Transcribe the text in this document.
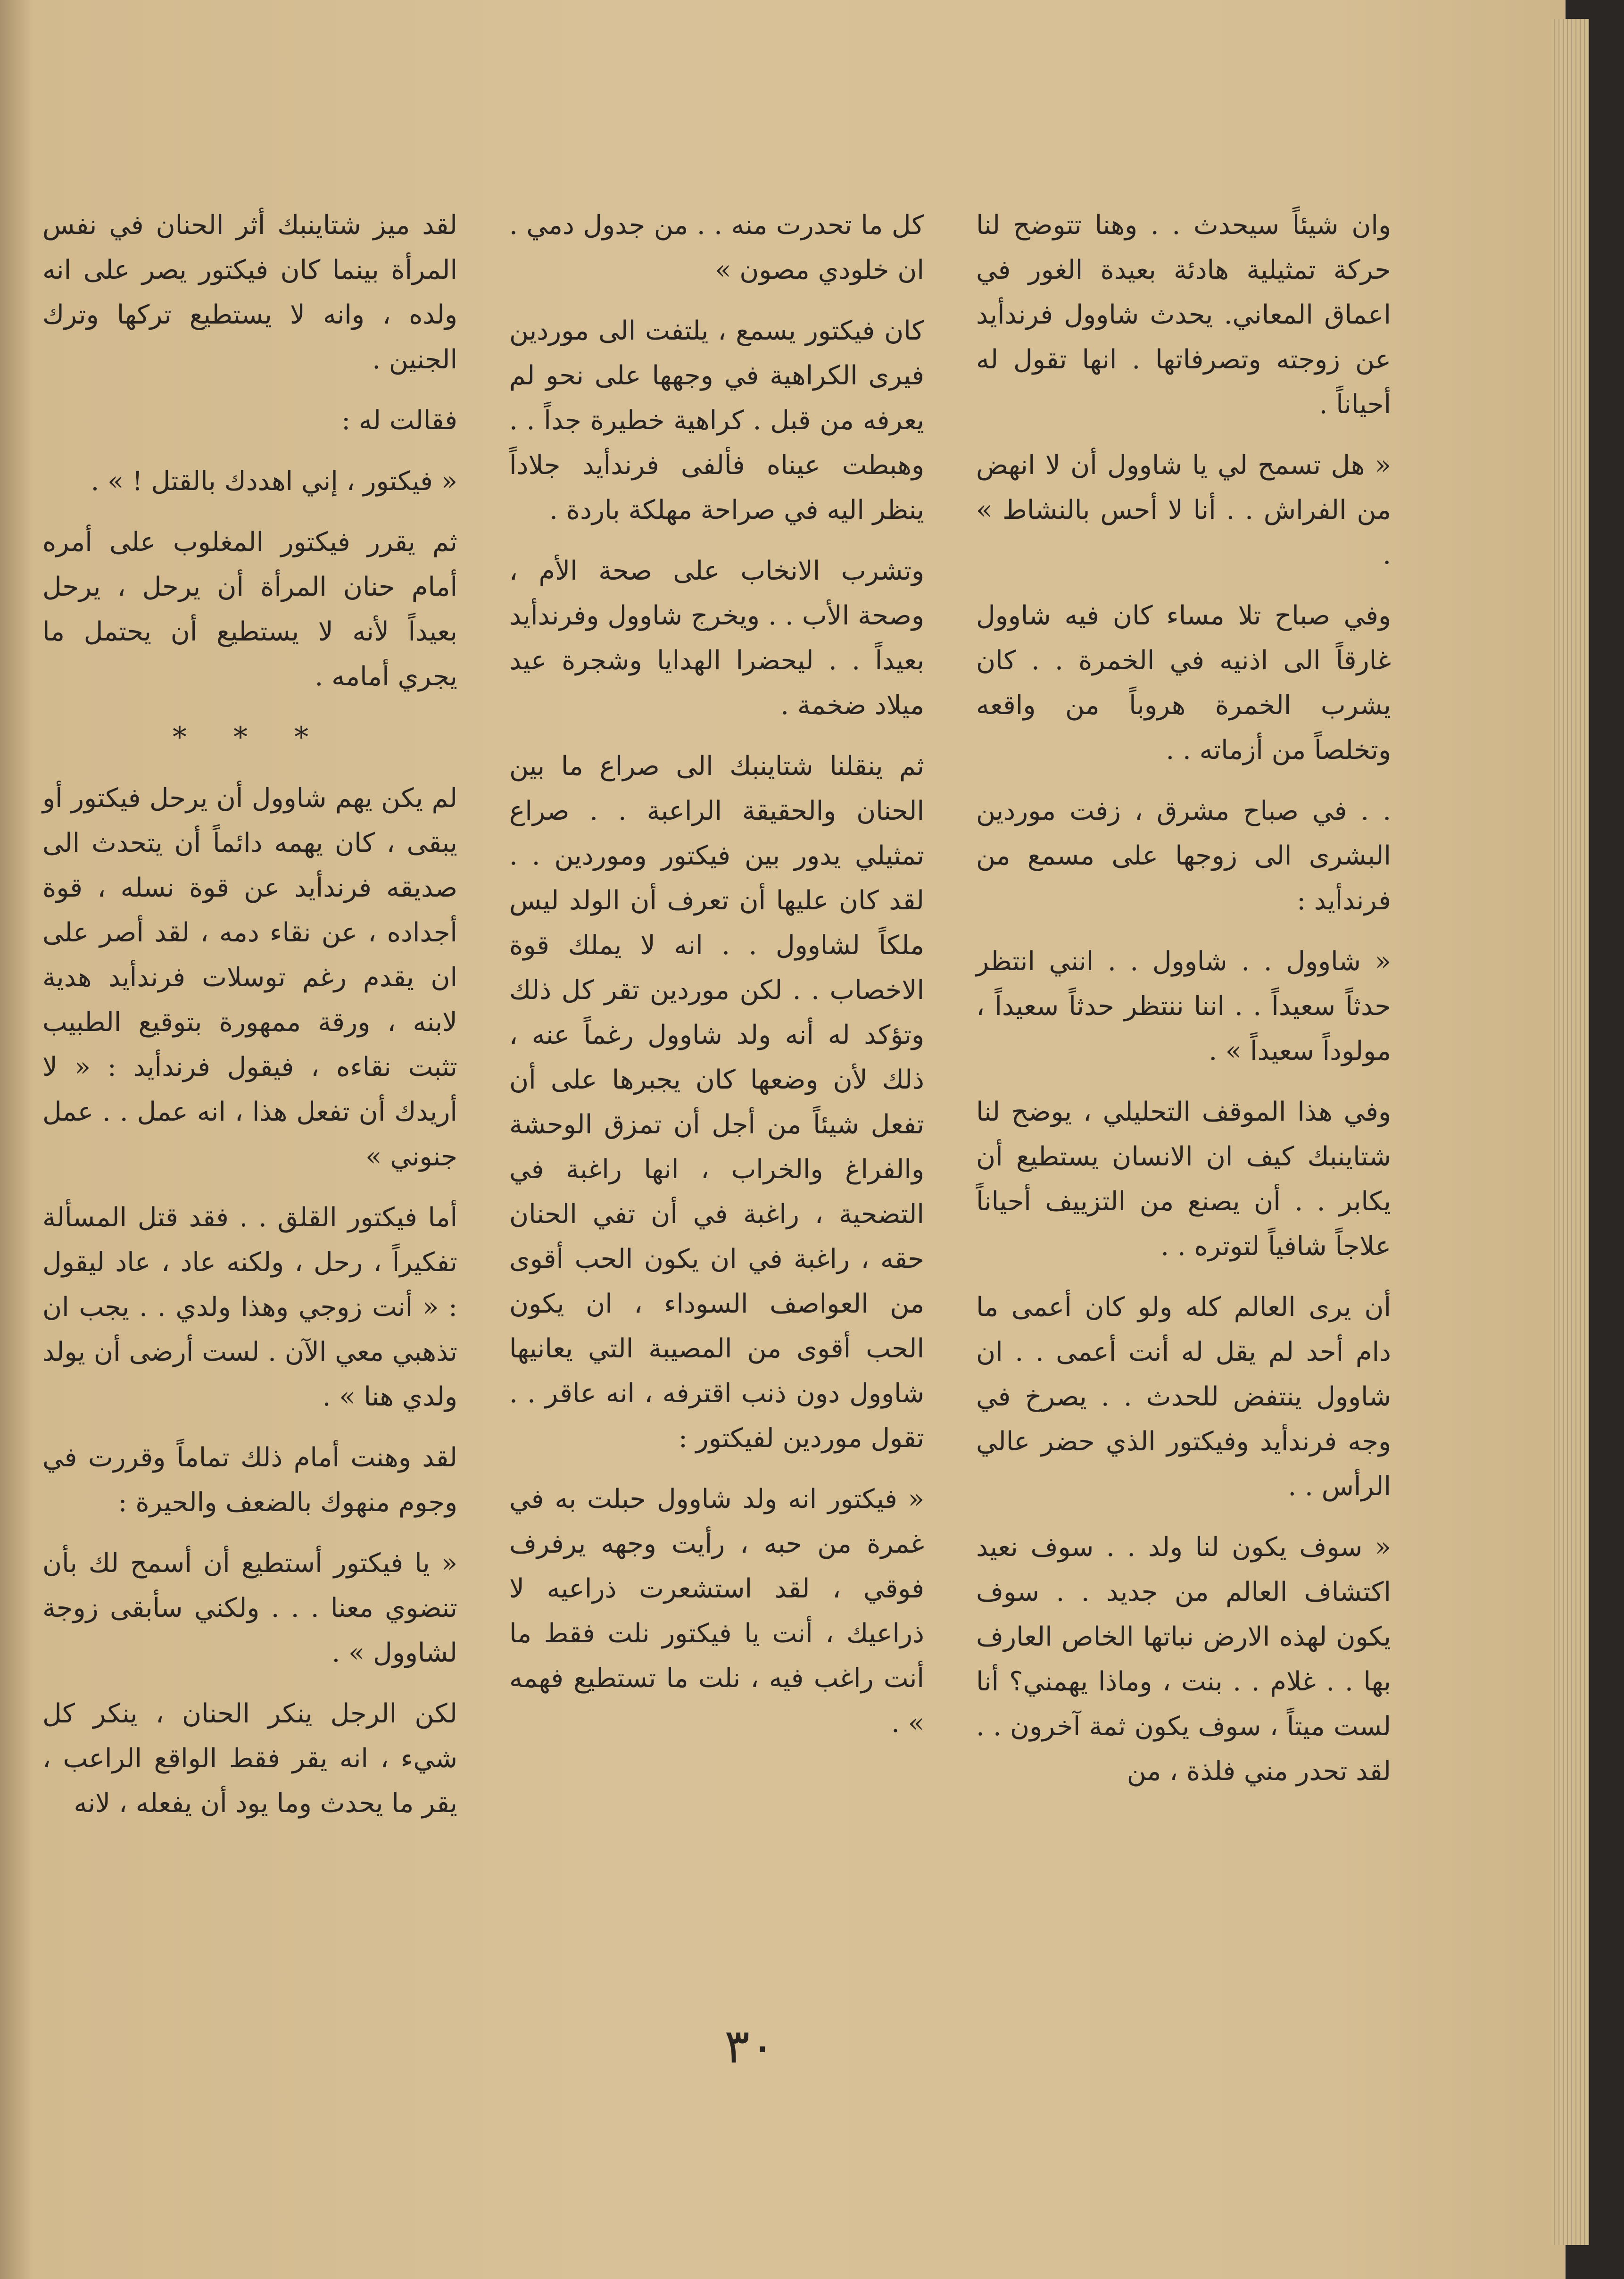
وان شيئاً سيحدث . . وهنا تتوضح لنا حركة تمثيلية هادئة بعيدة الغور في اعماق المعاني. يحدث شاوول فرندأيد عن زوجته وتصرفاتها . انها تقول له أحياناً .

« هل تسمح لي يا شاوول أن لا انهض من الفراش . . أنا لا أحس بالنشاط » .

وفي صباح تلا مساء كان فيه شاوول غارقاً الى اذنيه في الخمرة . . كان يشرب الخمرة هروباً من واقعه وتخلصاً من أزماته . .

. . في صباح مشرق ، زفت موردين البشرى الى زوجها على مسمع من فرندأيد :

« شاوول . . شاوول . . انني انتظر حدثاً سعيداً . . اننا ننتظر حدثاً سعيداً ، مولوداً سعيداً » .

وفي هذا الموقف التحليلي ، يوضح لنا شتاينبك كيف ان الانسان يستطيع أن يكابر . . أن يصنع من التزييف أحياناً علاجاً شافياً لتوتره . .

أن يرى العالم كله ولو كان أعمى ما دام أحد لم يقل له أنت أعمى . . ان شاوول ينتفض للحدث . . يصرخ في وجه فرندأيد وفيكتور الذي حضر عالي الرأس . .

« سوف يكون لنا ولد . . سوف نعيد اكتشاف العالم من جديد . . سوف يكون لهذه الارض نباتها الخاص العارف بها . . غلام . . بنت ، وماذا يهمني؟ أنا لست ميتاً ، سوف يكون ثمة آخرون . . لقد تحدر مني فلذة ، من

كل ما تحدرت منه . . من جدول دمي . ان خلودي مصون »

كان فيكتور يسمع ، يلتفت الى موردين فيرى الكراهية في وجهها على نحو لم يعرفه من قبل . كراهية خطيرة جداً . . وهبطت عيناه فألفى فرندأيد جلاداً ينظر اليه في صراحة مهلكة باردة .

وتشرب الانخاب على صحة الأم ، وصحة الأب . . ويخرج شاوول وفرندأيد بعيداً . . ليحضرا الهدايا وشجرة عيد ميلاد ضخمة .

ثم ينقلنا شتاينبك الى صراع ما بين الحنان والحقيقة الراعبة . . صراع تمثيلي يدور بين فيكتور وموردين . . لقد كان عليها أن تعرف أن الولد ليس ملكاً لشاوول . . انه لا يملك قوة الاخصاب . . لكن موردين تقر كل ذلك وتؤكد له أنه ولد شاوول رغماً عنه ، ذلك لأن وضعها كان يجبرها على أن تفعل شيئاً من أجل أن تمزق الوحشة والفراغ والخراب ، انها راغبة في التضحية ، راغبة في أن تفي الحنان حقه ، راغبة في ان يكون الحب أقوى من العواصف السوداء ، ان يكون الحب أقوى من المصيبة التي يعانيها شاوول دون ذنب اقترفه ، انه عاقر . . تقول موردين لفيكتور :

« فيكتور انه ولد شاوول حبلت به في غمرة من حبه ، رأيت وجهه يرفرف فوقي ، لقد استشعرت ذراعيه لا ذراعيك ، أنت يا فيكتور نلت فقط ما أنت راغب فيه ، نلت ما تستطيع فهمه » .

لقد ميز شتاينبك أثر الحنان في نفس المرأة بينما كان فيكتور يصر على انه ولده ، وانه لا يستطيع تركها وترك الجنين .

فقالت له :

« فيكتور ، إني اهددك بالقتل ! » .

ثم يقرر فيكتور المغلوب على أمره أمام حنان المرأة أن يرحل ، يرحل بعيداً لأنه لا يستطيع أن يحتمل ما يجري أمامه .

* * *

لم يكن يهم شاوول أن يرحل فيكتور أو يبقى ، كان يهمه دائماً أن يتحدث الى صديقه فرندأيد عن قوة نسله ، قوة أجداده ، عن نقاء دمه ، لقد أصر على ان يقدم رغم توسلات فرندأيد هدية لابنه ، ورقة ممهورة بتوقيع الطبيب تثبت نقاءه ، فيقول فرندأيد : « لا أريدك أن تفعل هذا ، انه عمل . . عمل جنوني »

أما فيكتور القلق . . فقد قتل المسألة تفكيراً ، رحل ، ولكنه عاد ، عاد ليقول : « أنت زوجي وهذا ولدي . . يجب ان تذهبي معي الآن . لست أرضى أن يولد ولدي هنا » .

لقد وهنت أمام ذلك تماماً وقررت في وجوم منهوك بالضعف والحيرة :

« يا فيكتور أستطيع أن أسمح لك بأن تنضوي معنا . . . ولكني سأبقى زوجة لشاوول » .

لكن الرجل ينكر الحنان ، ينكر كل شيء ، انه يقر فقط الواقع الراعب ، يقر ما يحدث وما يود أن يفعله ، لانه

٣٠
